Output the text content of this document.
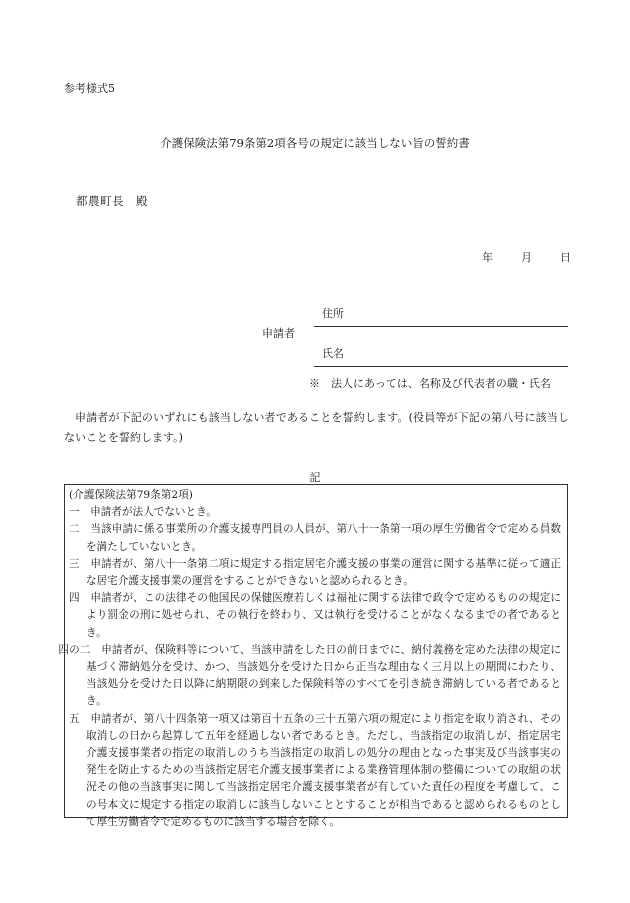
参考様式5
介護保険法第79条第2項各号の規定に該当しない旨の誓約書
都農町長　殿
年	月	日
申請者
住所
氏名
※　法人にあっては、名称及び代表者の職・氏名
申請者が下記のいずれにも該当しない者であることを誓約します。(役員等が下記の第八号に該当しないことを誓約します。)
記
(介護保険法第79条第2項)
一　申請者が法人でないとき。
二　当該申請に係る事業所の介護支援専門員の人員が、第八十一条第一項の厚生労働省令で定める員数を満たしていないとき。
三　申請者が、第八十一条第二項に規定する指定居宅介護支援の事業の運営に関する基準に従って適正な居宅介護支援事業の運営をすることができないと認められるとき。
四　申請者が、この法律その他国民の保健医療若しくは福祉に関する法律で政令で定めるものの規定により罰金の刑に処せられ、その執行を終わり、又は執行を受けることがなくなるまでの者であるとき。
四の二　申請者が、保険料等について、当該申請をした日の前日までに、納付義務を定めた法律の規定に基づく滞納処分を受け、かつ、当該処分を受けた日から正当な理由なく三月以上の期間にわたり、当該処分を受けた日以降に納期限の到来した保険料等のすべてを引き続き滞納している者であるとき。
五　申請者が、第八十四条第一項又は第百十五条の三十五第六項の規定により指定を取り消され、その取消しの日から起算して五年を経過しない者であるとき。ただし、当該指定の取消しが、指定居宅介護支援事業者の指定の取消しのうち当該指定の取消しの処分の理由となった事実及び当該事実の発生を防止するための当該指定居宅介護支援事業者による業務管理体制の整備についての取組の状況その他の当該事実に関して当該指定居宅介護支援事業者が有していた責任の程度を考慮して、この号本文に規定する指定の取消しに該当しないこととすることが相当であると認められるものとして厚生労働省令で定めるものに該当する場合を除く。
